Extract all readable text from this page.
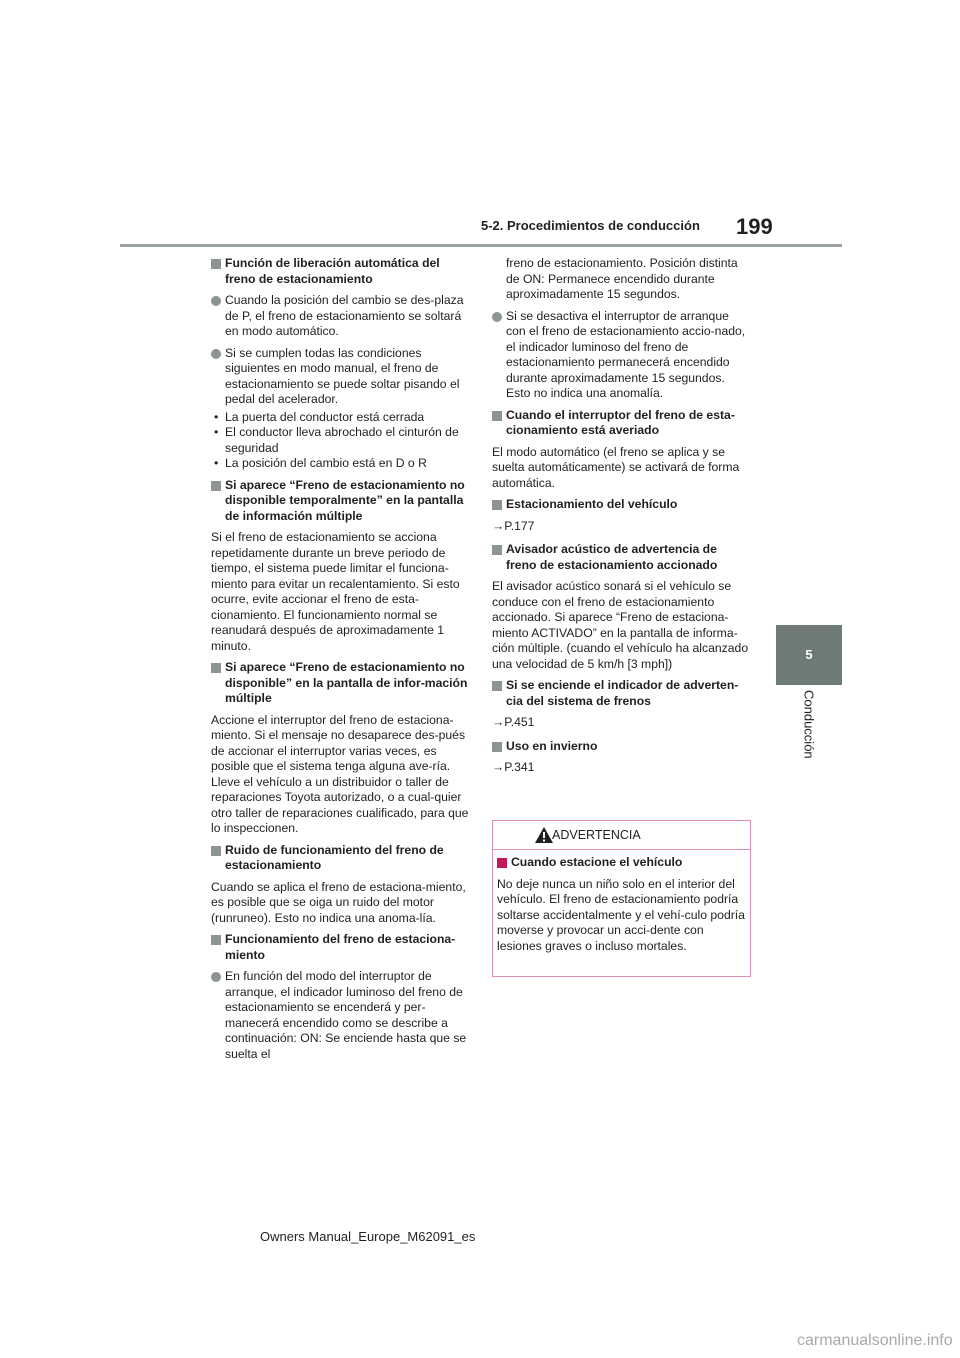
5-2. Procedimientos de conducción 199
5
Conducción
Función de liberación automática del freno de estacionamiento
Cuando la posición del cambio se des-plaza de P, el freno de estacionamiento se soltará en modo automático.
Si se cumplen todas las condiciones siguientes en modo manual, el freno de estacionamiento se puede soltar pisando el pedal del acelerador.
• La puerta del conductor está cerrada
• El conductor lleva abrochado el cinturón de seguridad
• La posición del cambio está en D o R
Si aparece “Freno de estacionamiento no disponible temporalmente” en la pantalla de información múltiple
Si el freno de estacionamiento se acciona repetidamente durante un breve periodo de tiempo, el sistema puede limitar el funciona-miento para evitar un recalentamiento. Si esto ocurre, evite accionar el freno de esta-cionamiento. El funcionamiento normal se reanudará después de aproximadamente 1 minuto.
Si aparece “Freno de estacionamiento no disponible” en la pantalla de infor-mación múltiple
Accione el interruptor del freno de estaciona-miento. Si el mensaje no desaparece des-pués de accionar el interruptor varias veces, es posible que el sistema tenga alguna ave-ría. Lleve el vehículo a un distribuidor o taller de reparaciones Toyota autorizado, o a cual-quier otro taller de reparaciones cualificado, para que lo inspeccionen.
Ruido de funcionamiento del freno de estacionamiento
Cuando se aplica el freno de estaciona-miento, es posible que se oiga un ruido del motor (runruneo). Esto no indica una anoma-lía.
Funcionamiento del freno de estaciona-miento
En función del modo del interruptor de arranque, el indicador luminoso del freno de estacionamiento se encenderá y per-manecerá encendido como se describe a continuación: ON: Se enciende hasta que se suelta el
freno de estacionamiento. Posición distinta de ON: Permanece encendido durante aproximadamente 15 segundos.
Si se desactiva el interruptor de arranque con el freno de estacionamiento accio-nado, el indicador luminoso del freno de estacionamiento permanecerá encendido durante aproximadamente 15 segundos. Esto no indica una anomalía.
Cuando el interruptor del freno de esta-cionamiento está averiado
El modo automático (el freno se aplica y se suelta automáticamente) se activará de forma automática.
Estacionamiento del vehículo
→P.177
Avisador acústico de advertencia de freno de estacionamiento accionado
El avisador acústico sonará si el vehículo se conduce con el freno de estacionamiento accionado. Si aparece “Freno de estaciona-miento ACTIVADO” en la pantalla de informa-ción múltiple. (cuando el vehículo ha alcanzado una velocidad de 5 km/h [3 mph])
Si se enciende el indicador de adverten-cia del sistema de frenos
→P.451
Uso en invierno
→P.341
ADVERTENCIA
Cuando estacione el vehículo
No deje nunca un niño solo en el interior del vehículo. El freno de estacionamiento podría soltarse accidentalmente y el vehí-culo podría moverse y provocar un acci-dente con lesiones graves o incluso mortales.
Owners Manual_Europe_M62091_es
carmanualsonline.info
